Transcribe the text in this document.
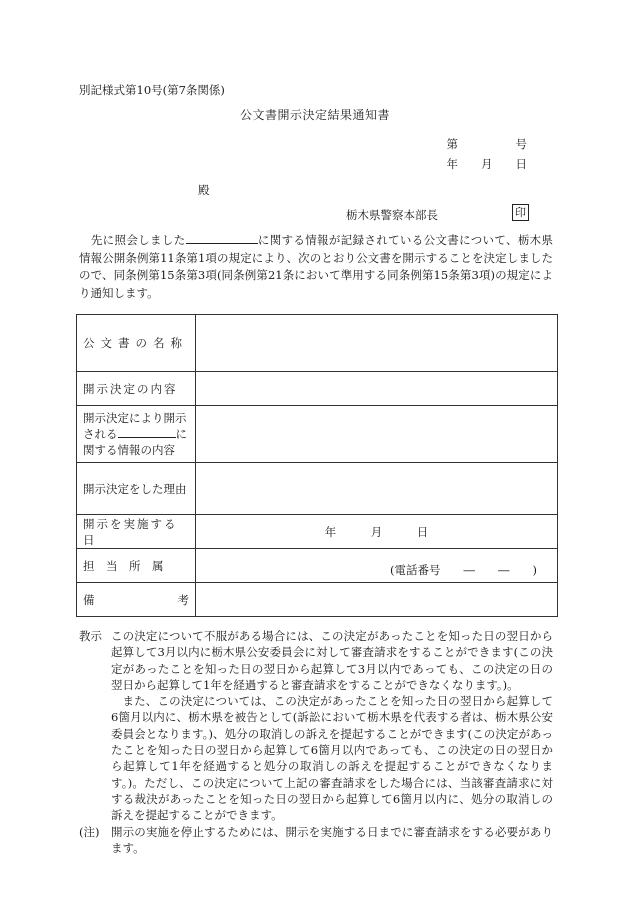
別記様式第10号(第7条関係)
公文書開示決定結果通知書
第　　　　　号
年　　月　　日
殿
栃木県警察本部長	印
先に照会しました	に関する情報が記録されている公文書について、栃木県情報公開条例第11条第1項の規定により、次のとおり公文書を開示することを決定しましたので、同条例第15条第3項(同条例第21条において準用する同条例第15条第3項)の規定により通知します。
公文書の名称	

開示決定の内容	

開示決定により開示される に
関する情報の内容	

開示決定をした理由	

開示を実施する日	年　　　月　　　日

担　当　所　属	(電話番号　　―　　―　　)

備 考	

教示 この決定について不服がある場合には、この決定があったことを知った日の翌日から起算して3月以内に栃木県公安委員会に対して審査請求をすることができます(この決定があったことを知った日の翌日から起算して3月以内であっても、この決定の日の翌日から起算して1年を経過すると審査請求をすることができなくなります。)。

また、この決定については、この決定があったことを知った日の翌日から起算して6箇月以内に、栃木県を被告として(訴訟において栃木県を代表する者は、栃木県公安委員会となります。)、処分の取消しの訴えを提起することができます(この決定があったことを知った日の翌日から起算して6箇月以内であっても、この決定の日の翌日から起算して1年を経過すると処分の取消しの訴えを提起することができなくなります。)。ただし、この決定について上記の審査請求をした場合には、当該審査請求に対する裁決があったことを知った日の翌日から起算して6箇月以内に、処分の取消しの訴えを提起することができます。

(注)	開示の実施を停止するためには、開示を実施する日までに審査請求をする必要があります。
